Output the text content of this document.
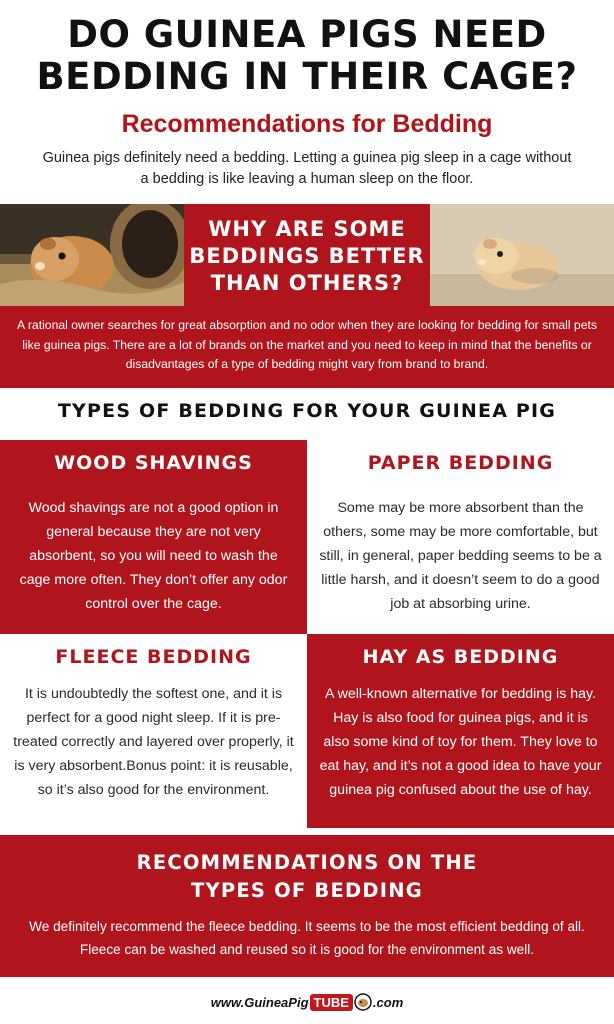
DO GUINEA PIGS NEED
BEDDING IN THEIR CAGE?
Recommendations for Bedding
Guinea pigs definitely need a bedding. Letting a guinea pig sleep in a cage without a bedding is like leaving a human sleep on the floor.
WHY ARE SOME
BEDDINGS BETTER
THAN OTHERS?
A rational owner searches for great absorption and no odor when they are looking for bedding for small pets like guinea pigs. There are a lot of brands on the market and you need to keep in mind that the benefits or disadvantages of a type of bedding might vary from brand to brand.
TYPES OF BEDDING FOR YOUR GUINEA PIG
WOOD SHAVINGS
Wood shavings are not a good option in general because they are not very absorbent, so you will need to wash the cage more often. They don’t offer any odor control over the cage.
PAPER BEDDING
Some may be more absorbent than the others, some may be more comfortable, but still, in general, paper bedding seems to be a little harsh, and it doesn’t seem to do a good job at absorbing urine.
FLEECE BEDDING
It is undoubtedly the softest one, and it is perfect for a good night sleep. If it is pre-treated correctly and layered over properly, it is very absorbent.Bonus point: it is reusable, so it’s also good for the environment.
HAY AS BEDDING
A well-known alternative for bedding is hay. Hay is also food for guinea pigs, and it is also some kind of toy for them. They love to eat hay, and it’s not a good idea to have your guinea pig confused about the use of hay.
RECOMMENDATIONS ON THE
TYPES OF BEDDING
We definitely recommend the fleece bedding. It seems to be the most efficient bedding of all. Fleece can be washed and reused so it is good for the environment as well.
www.GuineaPig TUBE	.com
